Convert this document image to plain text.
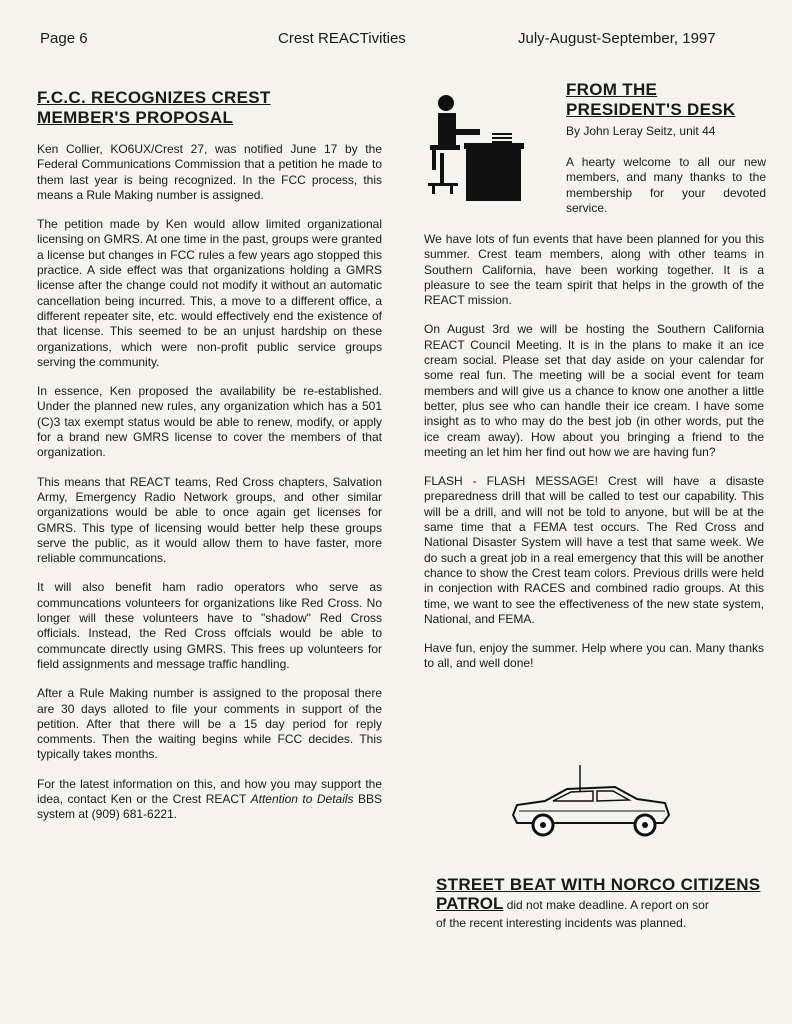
Page 6	Crest REACTivities	July-August-September, 1997
F.C.C. RECOGNIZES CREST
MEMBER'S PROPOSAL

Ken Collier, KO6UX/Crest 27, was notified June 17 by the Federal Communications Commission that a petition he made to them last year is being recognized. In the FCC process, this means a Rule Making number is assigned.

The petition made by Ken would allow limited organizational licensing on GMRS. At one time in the past, groups were granted a license but changes in FCC rules a few years ago stopped this practice. A side effect was that organizations holding a GMRS license after the change could not modify it without an automatic cancellation being incurred. This, a move to a different office, a different repeater site, etc. would effectively end the existence of that license. This seemed to be an unjust hardship on these organizations, which were non-profit public service groups serving the community.

In essence, Ken proposed the availability be re-established. Under the planned new rules, any organization which has a 501 (C)3 tax exempt status would be able to renew, modify, or apply for a brand new GMRS license to cover the members of that organization.

This means that REACT teams, Red Cross chapters, Salvation Army, Emergency Radio Network groups, and other similar organizations would be able to once again get licenses for GMRS. This type of licensing would better help these groups serve the public, as it would allow them to have faster, more reliable communcations.

It will also benefit ham radio operators who serve as communcations volunteers for organizations like Red Cross. No longer will these volunteers have to "shadow" Red Cross officials. Instead, the Red Cross offcials would be able to communcate directly using GMRS. This frees up volunteers for field assignments and message traffic handling.

After a Rule Making number is assigned to the proposal there are 30 days alloted to file your comments in support of the petition. After that there will be a 15 day period for reply comments. Then the waiting begins while FCC decides. This typically takes months.

For the latest information on this, and how you may support the idea, contact Ken or the Crest REACT Attention to Details BBS system at (909) 681-6221.

FROM THE
PRESIDENT'S DESK
By John Leray Seitz, unit 44
A hearty welcome to all our new members, and many thanks to the membership for your devoted service.

We have lots of fun events that have been planned for you this summer. Crest team members, along with other teams in Southern California, have been working together. It is a pleasure to see the team spirit that helps in the growth of the REACT mission.

On August 3rd we will be hosting the Southern California REACT Council Meeting. It is in the plans to make it an ice cream social. Please set that day aside on your calendar for some real fun. The meeting will be a social event for team members and will give us a chance to know one another a little better, plus see who can handle their ice cream. I have some insight as to who may do the best job (in other words, put the ice cream away). How about you bringing a friend to the meeting an let him her find out how we are having fun?

FLASH - FLASH MESSAGE! Crest will have a disaste preparedness drill that will be called to test our capability. This will be a drill, and will not be told to anyone, but will be at the same time that a FEMA test occurs. The Red Cross and National Disaster System will have a test that same week. We do such a great job in a real emergency that this will be another chance to show the Crest team colors. Previous drills were held in conjection with RACES and combined radio groups. At this time, we want to see the effectiveness of the new state system, National, and FEMA.

Have fun, enjoy the summer. Help where you can. Many thanks to all, and well done!

STREET BEAT WITH NORCO CITIZENS
PATROL did not make deadline. A report on sor
of the recent interesting incidents was planned.
